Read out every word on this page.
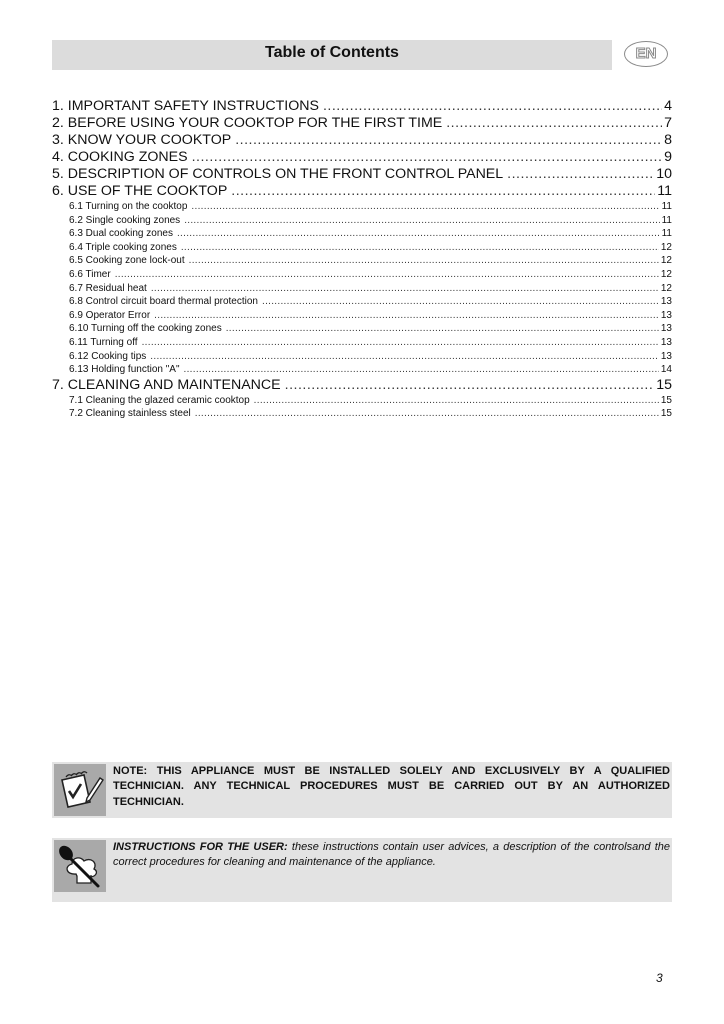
Table of Contents	EN
1. IMPORTANT SAFETY INSTRUCTIONS .....	4
2. BEFORE USING YOUR COOKTOP FOR THE FIRST TIME .....	7
3. KNOW YOUR COOKTOP .....	8
4. COOKING ZONES .....	9
5. DESCRIPTION OF CONTROLS ON THE FRONT CONTROL PANEL .....	10
6. USE OF THE COOKTOP .....	11
6.1 Turning on the cooktop .....	11
6.2 Single cooking zones .....	11
6.3 Dual cooking zones .....	11
6.4 Triple cooking zones .....	12
6.5 Cooking zone lock-out .....	12
6.6 Timer .....	12
6.7 Residual heat .....	12
6.8 Control circuit board thermal protection .....	13
6.9 Operator Error .....	13
6.10 Turning off the cooking zones .....	13
6.11 Turning off .....	13
6.12 Cooking tips .....	13
6.13 Holding function "A" .....	14
7. CLEANING AND MAINTENANCE .....	15
7.1 Cleaning the glazed ceramic cooktop .....	15
7.2 Cleaning stainless steel .....	15
NOTE: THIS APPLIANCE MUST BE INSTALLED SOLELY AND EXCLUSIVELY BY A QUALIFIED TECHNICIAN. ANY TECHNICAL PROCEDURES MUST BE CARRIED OUT BY AN AUTHORIZED TECHNICIAN.
INSTRUCTIONS FOR THE USER: these instructions contain user advices, a description of the controlsand the correct procedures for cleaning and maintenance of the appliance.
3
